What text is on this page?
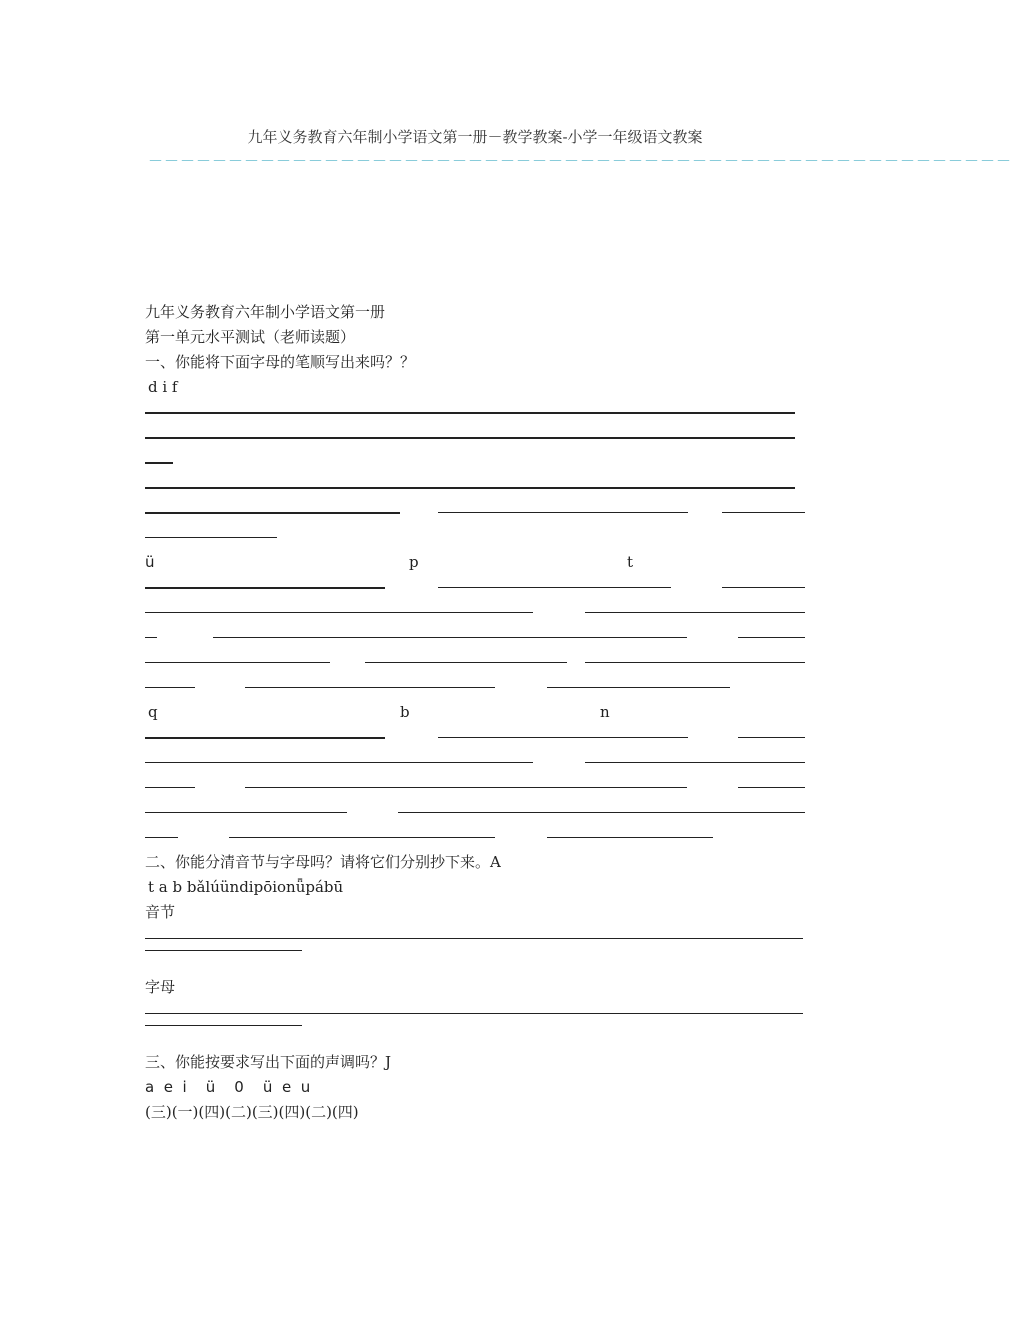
九年义务教育六年制小学语文第一册－教学教案-小学一年级语文教案
－－－－－－－－－－－－－－－－－－－－－－－－－－－－－－－－－－－－－－－－－－－－－－－－－－－－－－
九年义务教育六年制小学语文第一册
第一单元水平测试（老师读题）
一、你能将下面字母的笔顺写出来吗？？
d i f
ü	p	t
q	b	n
二、你能分清音节与字母吗？请将它们分别抄下来。A
t a b bǎlúündipōionǖpábū
音节
字母
三、你能按要求写出下面的声调吗？J
a  e  i    ü    0    ü  e  u
(三)(一)(四)(二)(三)(四)(二)(四)
